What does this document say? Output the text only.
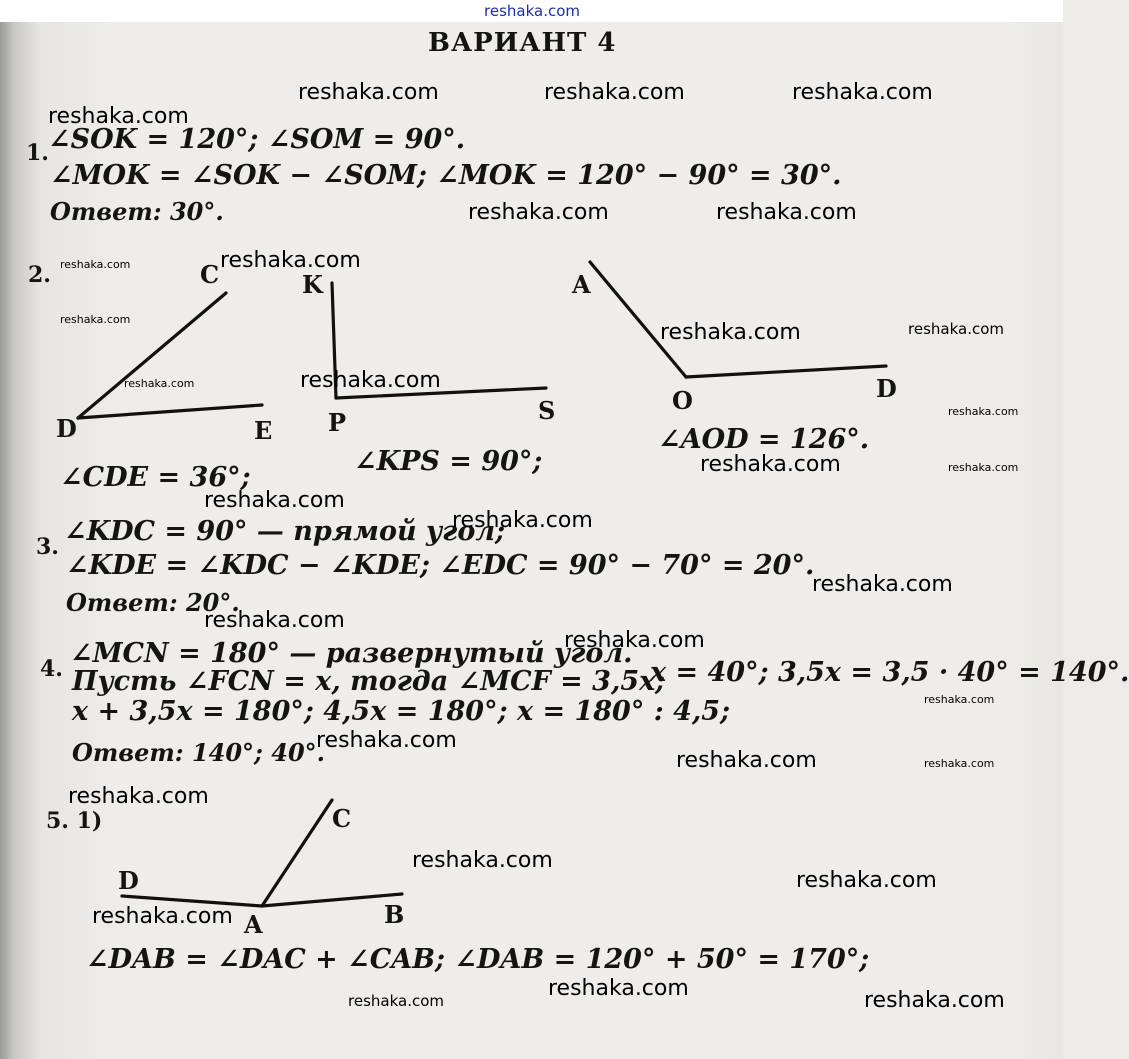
reshaka.com
ВАРИАНТ 4
1. ∠SOK = 120°; ∠SOM = 90°.
∠MOK = ∠SOK − ∠SOM; ∠MOK = 120° − 90° = 30°.
Ответ: 30°.
2.	C
D	E
K
P	S
A
O	D
∠CDE = 36°;
∠KPS = 90°;
∠AOD = 126°.
3. ∠KDC = 90° — прямой угол;
∠KDE = ∠KDC − ∠KDE; ∠EDC = 90° − 70° = 20°.
Ответ: 20°.
4. ∠MCN = 180° — развернутый угол.
Пусть ∠FCN = x, тогда ∠MCF = 3,5x;
x = 40°; 3,5x = 3,5 · 40° = 140°.
x + 3,5x = 180°; 4,5x = 180°; x = 180° : 4,5;
Ответ: 140°; 40°.
5. 1)	C
D
A	B
∠DAB = ∠DAC + ∠CAB; ∠DAB = 120° + 50° = 170°;
reshaka.com
reshaka.com	reshaka.com	reshaka.com
reshaka.com	reshaka.com
reshaka.com
reshaka.com
reshaka.com
reshaka.com
reshaka.com
reshaka.com
reshaka.com
reshaka.com
reshaka.com
reshaka.com
reshaka.com
reshaka.com
reshaka.com
reshaka.com
reshaka.com
reshaka.com	reshaka.com
reshaka.com
reshaka.com
reshaka.com
reshaka.com
reshaka.com
reshaka.com
reshaka.com
reshaka.com
reshaka.com
